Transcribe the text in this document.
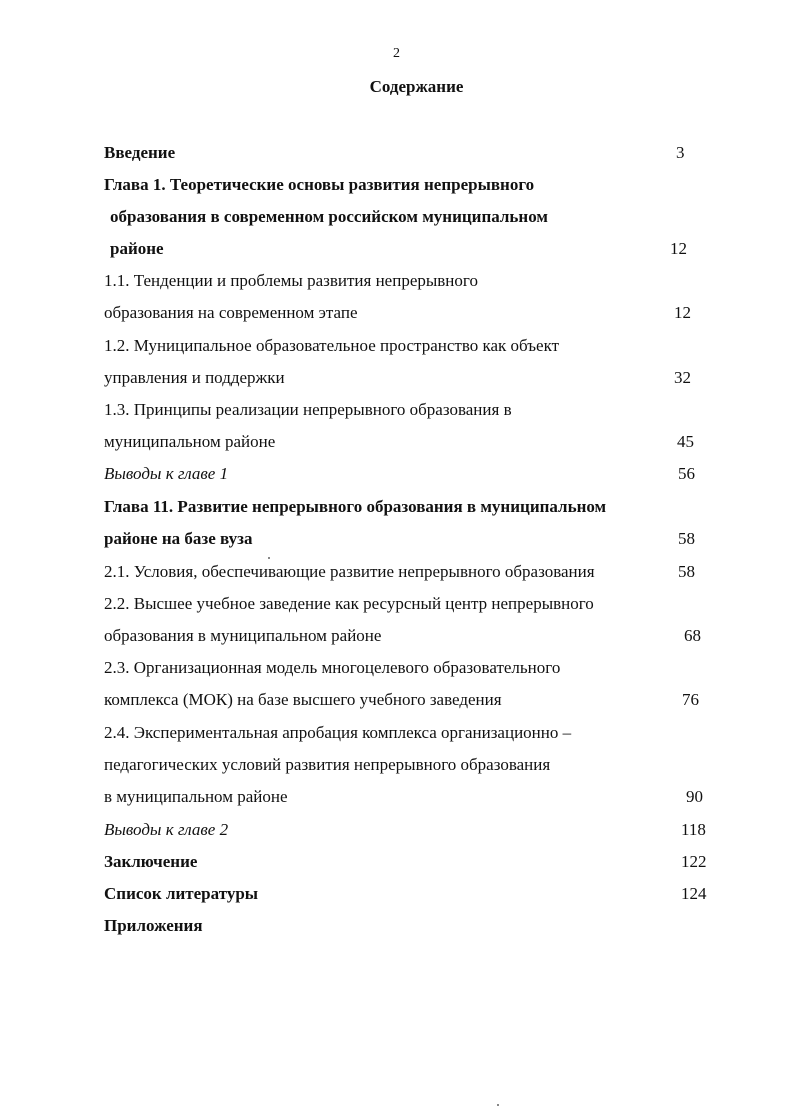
2
Содержание
Введение	3
Глава 1. Теоретические основы развития непрерывного
образования в современном российском муниципальном
районе	12
1.1. Тенденции и проблемы развития непрерывного
образования на современном этапе	12
1.2. Муниципальное образовательное пространство как объект
управления и поддержки	32
1.3. Принципы реализации непрерывного образования в
муниципальном районе	45
Выводы к главе 1	56
Глава 11. Развитие непрерывного образования в муниципальном
районе на базе вуза	58
2.1. Условия, обеспечивающие развитие непрерывного образования	58
2.2. Высшее учебное заведение как ресурсный центр непрерывного
образования в муниципальном районе	68
2.3. Организационная модель многоцелевого образовательного
комплекса (МОК) на базе высшего учебного заведения	76
2.4. Экспериментальная апробация комплекса организационно –
педагогических условий развития непрерывного образования
в муниципальном районе	90
Выводы к главе 2	118
Заключение	122
Список литературы	124
Приложения
